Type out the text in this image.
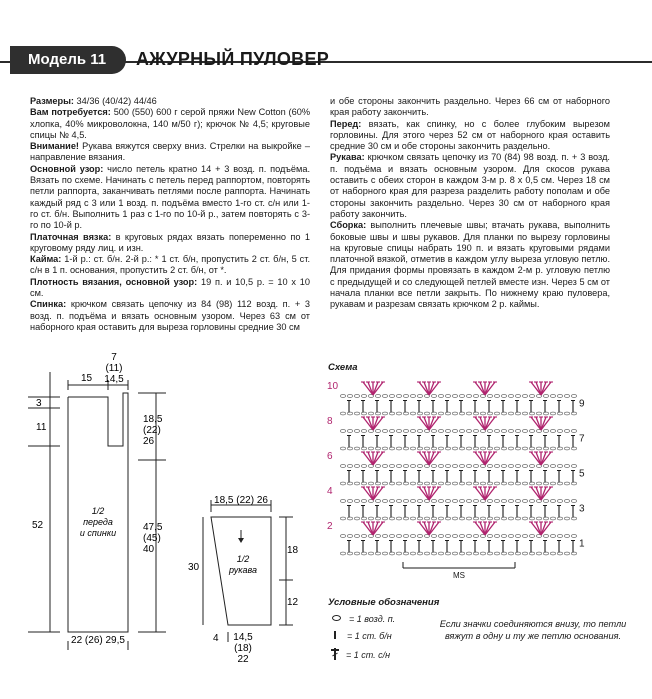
Модель 11	АЖУРНЫЙ ПУЛОВЕР

Размеры: 34/36 (40/42) 44/46

Вам потребуется: 500 (550) 600 г серой пряжи New Cotton (60% хлопка, 40% микроволокна, 140 м/50 г); крючок № 4,5; круговые спицы № 4,5.

Внимание! Рукава вяжутся сверху вниз. Стрелки на выкройке – направление вязания.

Основной узор: число петель кратно 14 + 3 возд. п. подъёма. Вязать по схеме. Начинать с петель перед раппортом, повторять петли раппорта, заканчивать петлями после раппорта. Начинать каждый ряд с 3 или 1 возд. п. подъёма вместо 1-го ст. с/н или 1-го ст. б/н. Выполнить 1 раз с 1-го по 10-й р., затем повторять с 3-го по 10-й р.

Платочная вязка: в круговых рядах вязать попеременно по 1 круговому ряду лиц. и изн.

Кайма: 1-й р.: ст. б/н. 2-й р.: * 1 ст. б/н, пропустить 2 ст. б/н, 5 ст. с/н в 1 п. основания, пропустить 2 ст. б/н, от *.

Плотность вязания, основной узор: 19 п. и 10,5 р. = 10 х 10 см.

Спинка: крючком связать цепочку из 84 (98) 112 возд. п. + 3 возд. п. подъёма и вязать основным узором. Через 63 см от наборного края оставить для выреза горловины средние 30 см

и обе стороны закончить раздельно. Через 66 см от наборного края работу закончить.

Перед: вязать, как спинку, но с более глубоким вырезом горловины. Для этого через 52 см от наборного края оставить средние 30 см и обе стороны закончить раздельно.

Рукава: крючком связать цепочку из 70 (84) 98 возд. п. + 3 возд. п. подъёма и вязать основным узором. Для скосов рукава оставить с обеих сторон в каждом 3-м р. 8 х 0,5 см. Через 18 см от наборного края для разреза разделить работу пополам и обе стороны закончить раздельно. Через 30 см от наборного края работу закончить.

Сборка: выполнить плечевые швы; втачать рукава, выполнить боковые швы и швы рукавов. Для планки по вырезу горловины на круговые спицы набрать 190 п. и вязать круговыми рядами платочной вязкой, отметив в каждом углу выреза угловую петлю. Для придания формы провязать в каждом 2-м р. угловую петлю с предыдущей и со следующей петлей вместе изн. Через 5 см от начала планки все петли закрыть. По нижнему краю пуловера, рукавам и разрезам связать крючком 2 р. каймы.

15
7
(11)
14,5
3
11
52
18,5
(22)
26
47,5
(45)
40
1/2
переда
и спинки
22 (26) 29,5
18,5 (22) 26
30
18
12
1/2
рукава
4 14,5
(18)
22
Схема
10
8
6
4
2
9
7
5
3
1
MS
Условные обозначения
= 1 возд. п.
= 1 ст. б/н
= 1 ст. с/н
Если значки соединяются внизу, то петли вяжут в одну и ту же петлю основания.
